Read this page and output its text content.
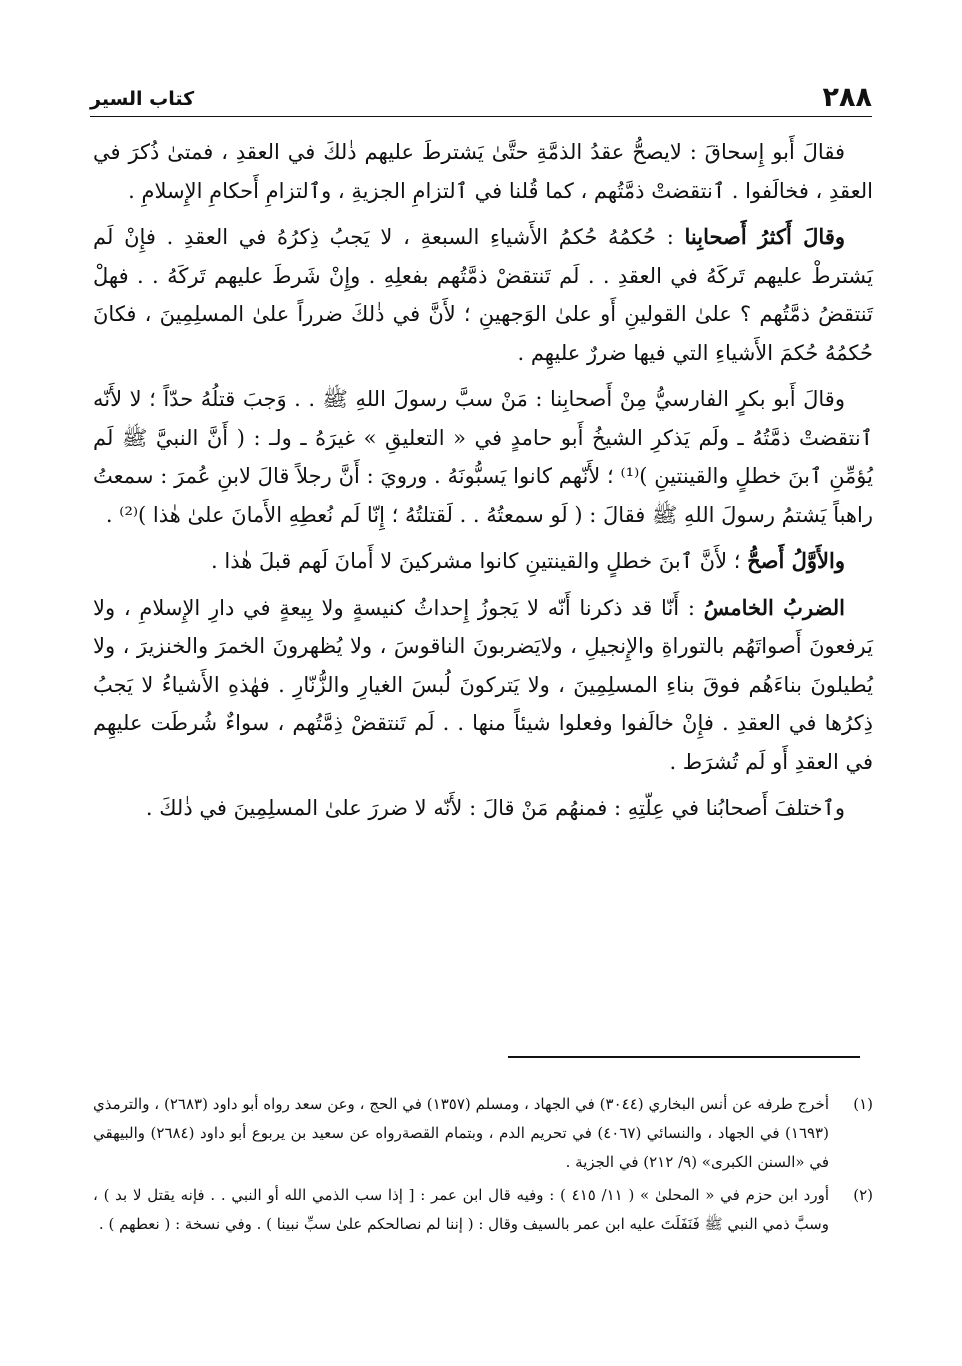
٢٨٨
كتاب السير

فقالَ أَبو إِسحاقَ : لايصحُّ عقدُ الذمَّةِ حتَّىٰ يَشترطَ عليهم ذٰلكَ في العقدِ ، فمتىٰ ذُكرَ في العقدِ ، فخالَفوا . ٱنتقضتْ ذمَّتُهم ، كما قُلنا في ٱلتزامِ الجزيةِ ، وٱلتزامِ أَحكامِ الإِسلامِ .

وقالَ أَكثرُ أَصحابِنا : حُكمُهُ حُكمُ الأَشياءِ السبعةِ ، لا يَجبُ ذِكرُهُ في العقدِ . فإِنْ لَم يَشترطْ عليهم تَركَهُ في العقدِ . . لَم تَنتقضْ ذمَّتُهم بفعلِهِ . وإِنْ شَرطَ عليهم تَركَهُ . . فهلْ تَنتقضُ ذمَّتُهم ؟ علىٰ القولينِ أَو علىٰ الوَجهينِ ؛ لأَنَّ في ذٰلكَ ضرراً علىٰ المسلِمِينَ ، فكانَ حُكمُهُ حُكمَ الأَشياءِ التي فيها ضررٌ عليهِم .

وقالَ أَبو بكرٍ الفارسيُّ مِنْ أَصحابِنا : مَنْ سبَّ رسولَ اللهِ ﷺ . . وَجبَ قتلُهُ حدّاً ؛ لا لأَنّه ٱنتقضتْ ذمَّتُهُ ـ ولَم يَذكرِ الشيخُ أَبو حامدٍ في « التعليقِ » غيرَهُ ـ ولـ : ( أَنَّ النبيَّ ﷺ لَم يُؤمِّنِ ٱبنَ خطلٍ والقينتينِ )⁽¹⁾ ؛ لأَنّهم كانوا يَسبُّونَهُ . ورويَ : أَنَّ رجلاً قالَ لابنِ عُمرَ : سمعتُ راهباً يَشتمُ رسولَ اللهِ ﷺ فقالَ : ( لَو سمعتُهُ . . لَقتلتُهُ ؛ إِنّا لَم نُعطِهِ الأَمانَ علىٰ هٰذا )⁽²⁾ .

والأَوَّلُ أَصحُّ ؛ لأَنَّ ٱبنَ خطلٍ والقينتينِ كانوا مشركينَ لا أَمانَ لَهم قبلَ هٰذا .

الضربُ الخامسُ : أَنّا قد ذكرنا أَنّه لا يَجوزُ إِحداثُ كنيسةٍ ولا بِيعةٍ في دارِ الإِسلامِ ، ولا يَرفعونَ أَصواتَهُم بالتوراةِ والإِنجيلِ ، ولايَضربونَ الناقوسَ ، ولا يُظهرونَ الخمرَ والخنزيرَ ، ولا يُطيلونَ بناءَهُم فوقَ بناءِ المسلِمِينَ ، ولا يَتركونَ لُبسَ الغيارِ والزُّنّارِ . فهٰذهِ الأَشياءُ لا يَجبُ ذِكرُها في العقدِ . فإِنْ خالَفوا وفعلوا شيئاً منها . . لَم تَنتقضْ ذِمَّتُهم ، سواءٌ شُرطَت عليهِم في العقدِ أَو لَم تُشرَط .

وٱختلفَ أَصحابُنا في عِلّتِهِ : فمنهُم مَنْ قالَ : لأَنّه لا ضررَ علىٰ المسلِمِينَ في ذٰلكَ .

(١)
أخرج طرفه عن أنس البخاري (٣٠٤٤) في الجهاد ، ومسلم (١٣٥٧) في الحج ، وعن سعد رواه أبو داود (٢٦٨٣) ، والترمذي (١٦٩٣) في الجهاد ، والنسائي (٤٠٦٧) في تحريم الدم ، وبتمام القصةرواه عن سعيد بن يربوع أبو داود (٢٦٨٤) والبيهقي في «السنن الكبرى» (٩/ ٢١٢) في الجزية .
(٢)
أورد ابن حزم في « المحلىٰ » ( ١١/ ٤١٥ ) : وفيه قال ابن عمر : [ إذا سب الذمي الله أو النبي . . فإنه يقتل لا بد ) ، وسبَّ ذمي النبي ﷺ فَنَفَلَتَ عليه ابن عمر بالسيف وقال : ( إننا لم نصالحكم علىٰ سبِّ نبينا ) . وفي نسخة : ( نعطهم ) .
